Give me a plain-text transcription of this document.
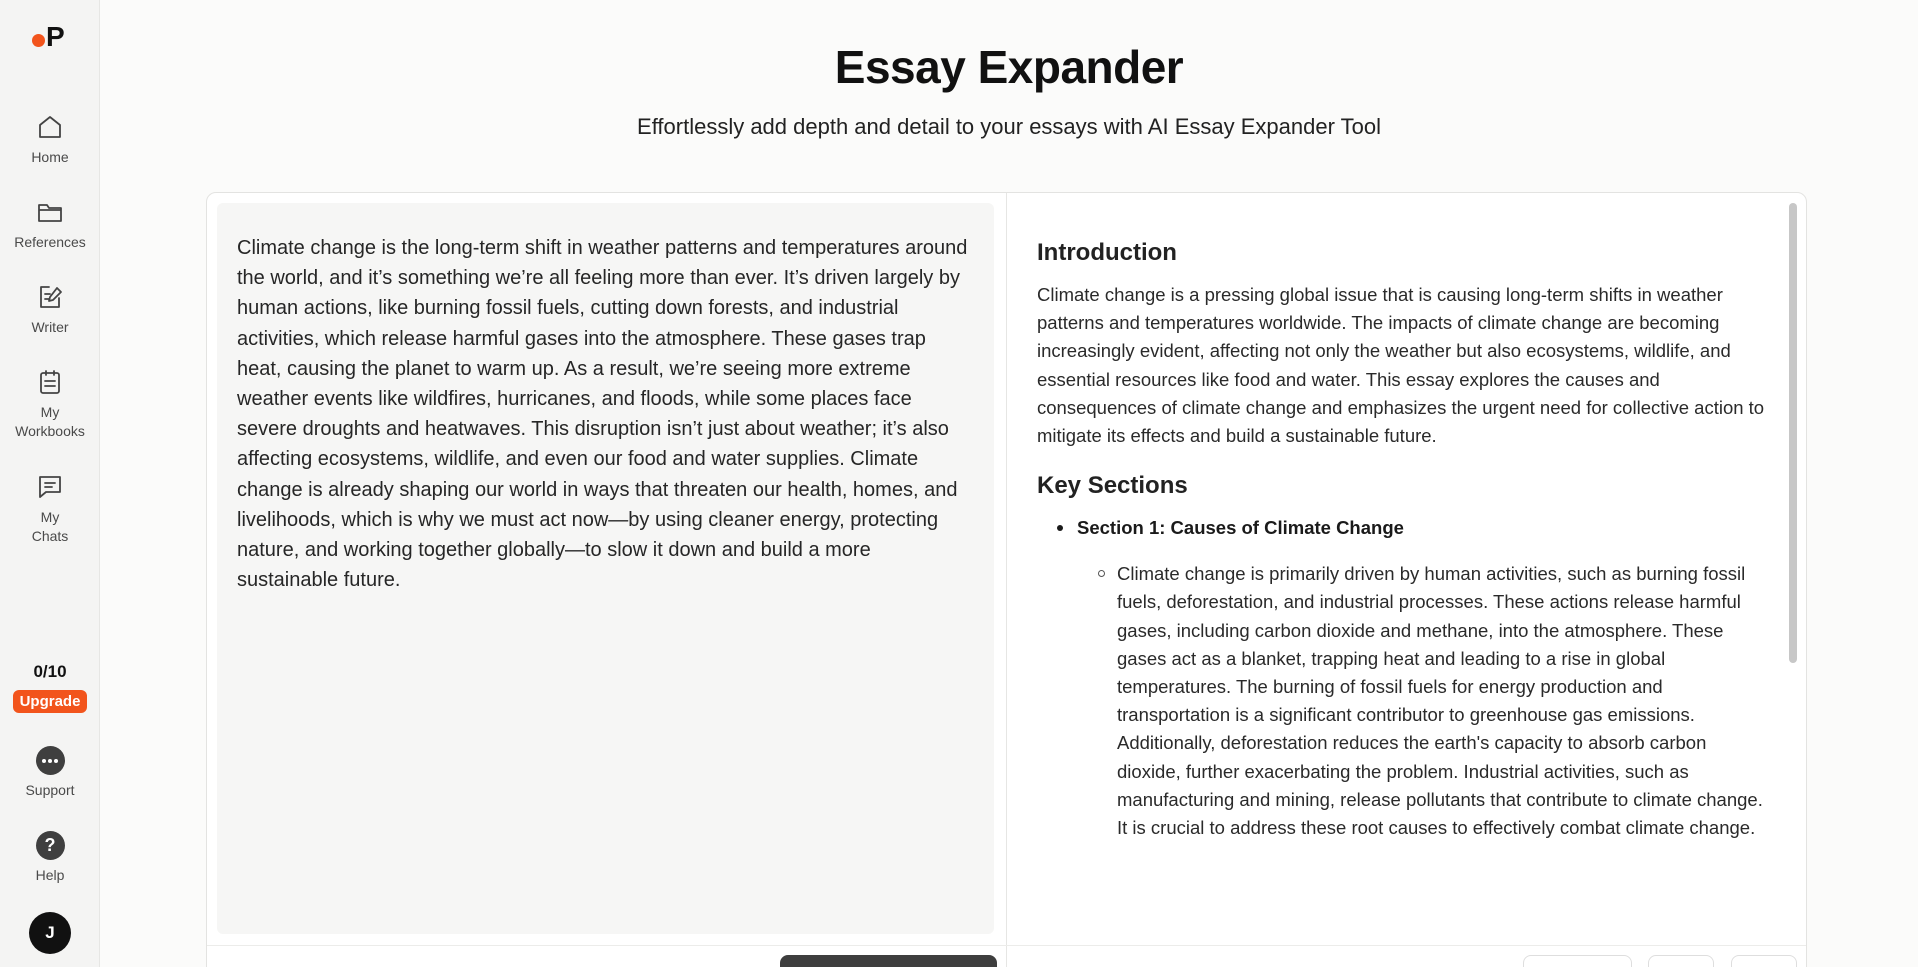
P
Home
References
Writer
My
Workbooks
My
Chats
0/10
Upgrade
Support
?
Help
J
Essay Expander

Effortlessly add depth and detail to your essays with AI Essay Expander Tool

Climate change is the long-term shift in weather patterns and temperatures around the world, and it’s something we’re all feeling more than ever. It’s driven largely by human actions, like burning fossil fuels, cutting down forests, and industrial activities, which release harmful gases into the atmosphere. These gases trap heat, causing the planet to warm up. As a result, we’re seeing more extreme weather events like wildfires, hurricanes, and floods, while some places face severe droughts and heatwaves. This disruption isn’t just about weather; it’s also affecting ecosystems, wildlife, and even our food and water supplies. Climate change is already shaping our world in ways that threaten our health, homes, and livelihoods, which is why we must act now—by using cleaner energy, protecting nature, and working together globally—to slow it down and build a more sustainable future.

Introduction

Climate change is a pressing global issue that is causing long-term shifts in weather patterns and temperatures worldwide. The impacts of climate change are becoming increasingly evident, affecting not only the weather but also ecosystems, wildlife, and essential resources like food and water. This essay explores the causes and consequences of climate change and emphasizes the urgent need for collective action to mitigate its effects and build a sustainable future.

Key Sections
Section 1: Causes of Climate Change

Climate change is primarily driven by human activities, such as burning fossil fuels, deforestation, and industrial processes. These actions release harmful gases, including carbon dioxide and methane, into the atmosphere. These gases act as a blanket, trapping heat and leading to a rise in global temperatures. The burning of fossil fuels for energy production and transportation is a significant contributor to greenhouse gas emissions. Additionally, deforestation reduces the earth's capacity to absorb carbon dioxide, further exacerbating the problem. Industrial activities, such as manufacturing and mining, release pollutants that contribute to climate change. It is crucial to address these root causes to effectively combat climate change.
